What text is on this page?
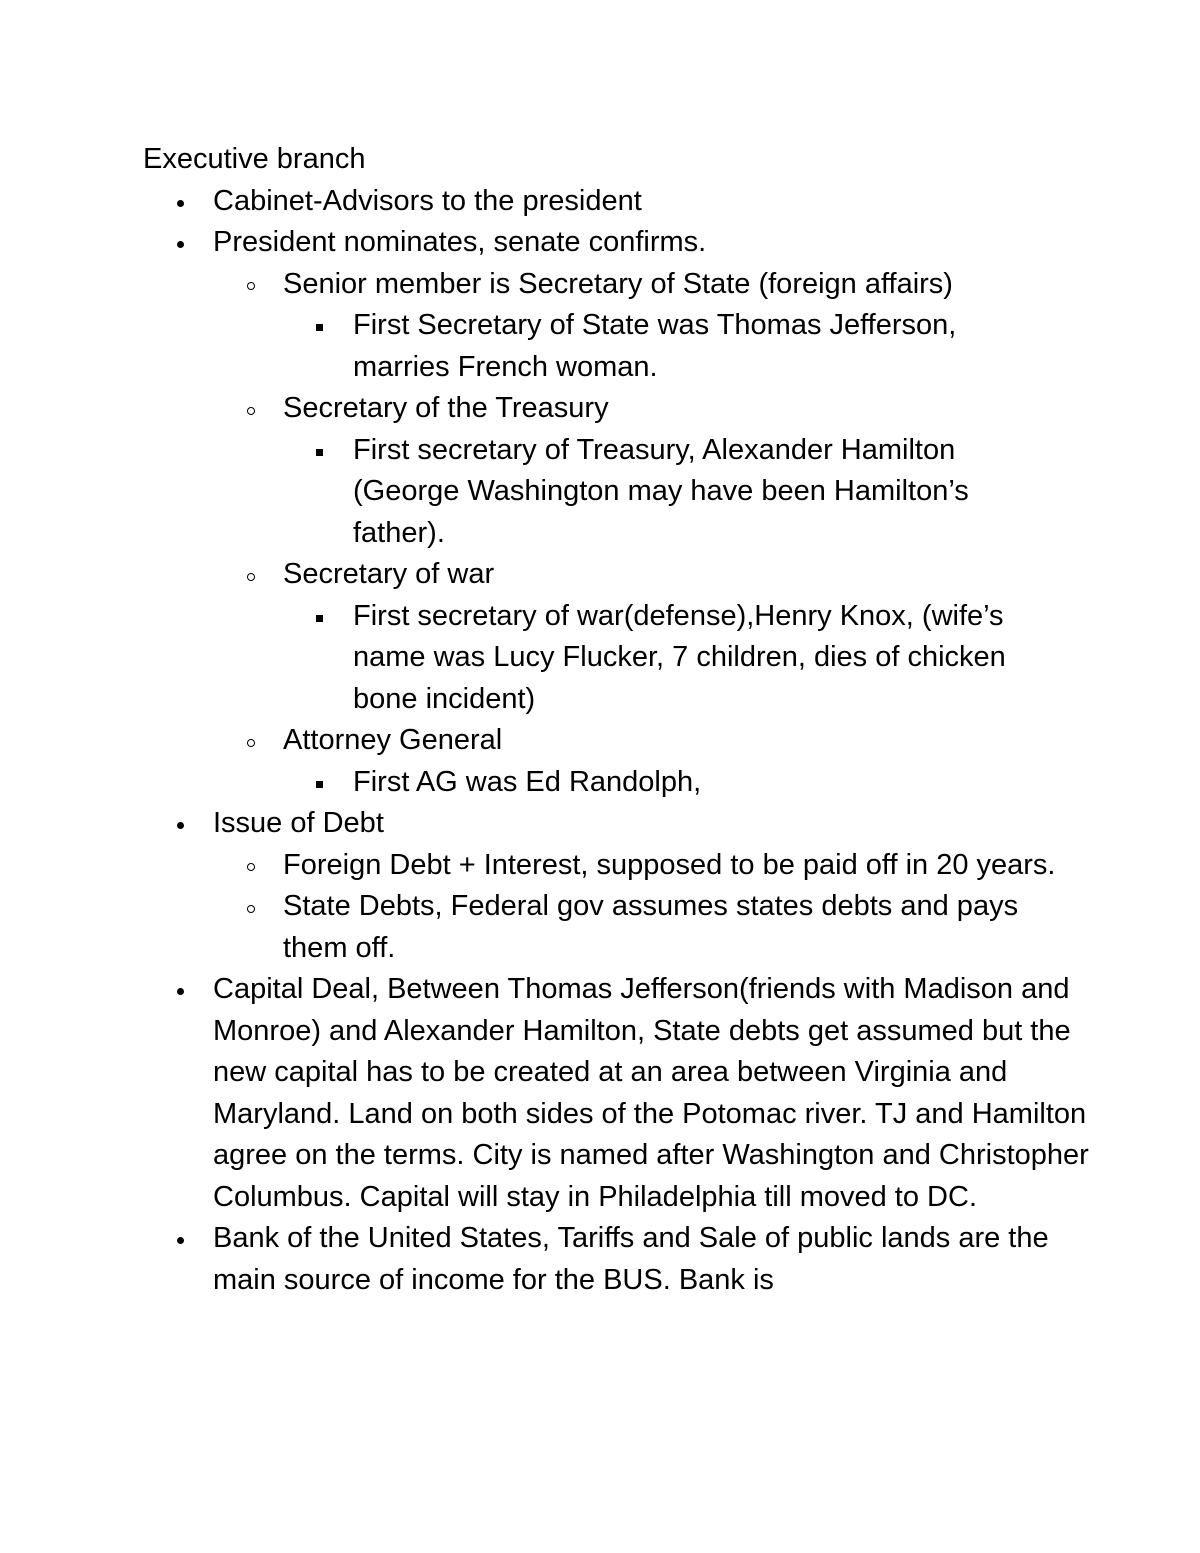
Executive branch
Cabinet-Advisors to the president
President nominates, senate confirms.
Senior member is Secretary of State (foreign affairs)
First Secretary of State was Thomas Jefferson, marries French woman.
Secretary of the Treasury
First secretary of Treasury, Alexander Hamilton (George Washington may have been Hamilton’s father).
Secretary of war
First secretary of war(defense),Henry Knox, (wife’s name was Lucy Flucker, 7 children, dies of chicken bone incident)
Attorney General
First AG was Ed Randolph,
Issue of Debt
Foreign Debt + Interest, supposed to be paid off in 20 years.
State Debts, Federal gov assumes states debts and pays them off.
Capital Deal, Between Thomas Jefferson(friends with Madison and Monroe) and Alexander Hamilton, State debts get assumed but the new capital has to be created at an area between Virginia and Maryland. Land on both sides of the Potomac river. TJ and Hamilton agree on the terms. City is named after Washington and Christopher Columbus. Capital will stay in Philadelphia till moved to DC.
Bank of the United States, Tariffs and Sale of public lands are the main source of income for the BUS. Bank is
